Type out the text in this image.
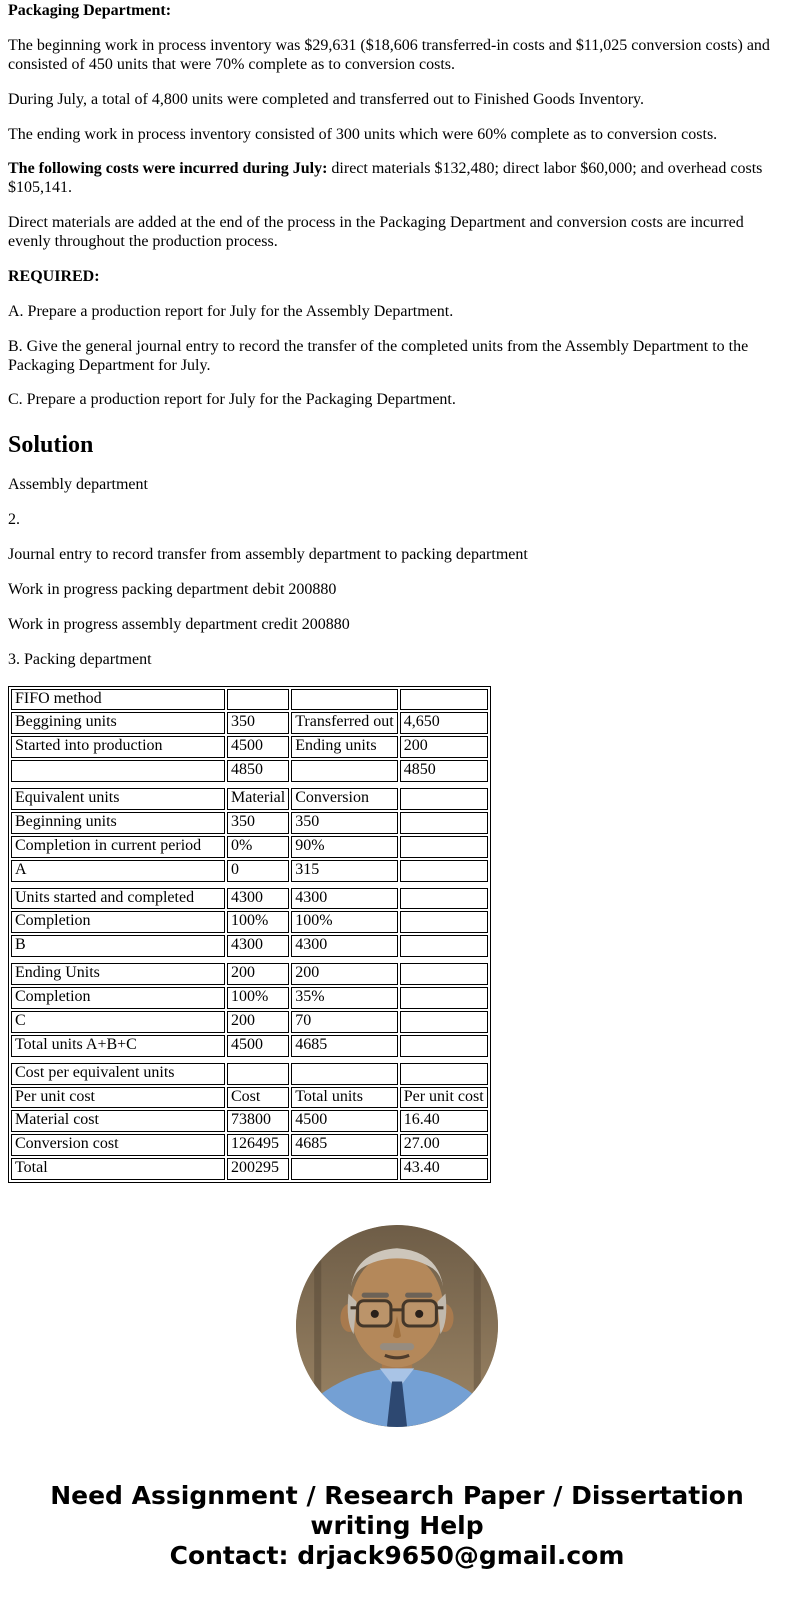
Packaging Department:

The beginning work in process inventory was $29,631 ($18,606 transferred-in costs and $11,025 conversion costs) and consisted of 450 units that were 70% complete as to conversion costs.

During July, a total of 4,800 units were completed and transferred out to Finished Goods Inventory.

The ending work in process inventory consisted of 300 units which were 60% complete as to conversion costs.

The following costs were incurred during July: direct materials $132,480; direct labor $60,000; and overhead costs $105,141.

Direct materials are added at the end of the process in the Packaging Department and conversion costs are incurred evenly throughout the production process.

REQUIRED:

A. Prepare a production report for July for the Assembly Department.

B. Give the general journal entry to record the transfer of the completed units from the Assembly Department to the Packaging Department for July.

C. Prepare a production report for July for the Packaging Department.

Solution

Assembly department

2.

Journal entry to record transfer from assembly department to packing department

Work in progress packing department debit 200880

Work in progress assembly department credit 200880

3. Packing department

FIFO method			
Beggining units	350	Transferred out	4,650
Started into production	4500	Ending units	200
	4850		4850

Equivalent units	Material	Conversion	
Beginning units	350	350	
Completion in current period	0%	90%	
A	0	315	

Units started and completed	4300	4300	
Completion	100%	100%	
B	4300	4300	

Ending Units	200	200	
Completion	100%	35%	
C	200	70	
Total units A+B+C	4500	4685	

Cost per equivalent units			
Per unit cost	Cost	Total units	Per unit cost
Material cost	73800	4500	16.40
Conversion cost	126495	4685	27.00
Total	200295		43.40
Need Assignment / Research Paper / Dissertation
writing Help
Contact: drjack9650@gmail.com
